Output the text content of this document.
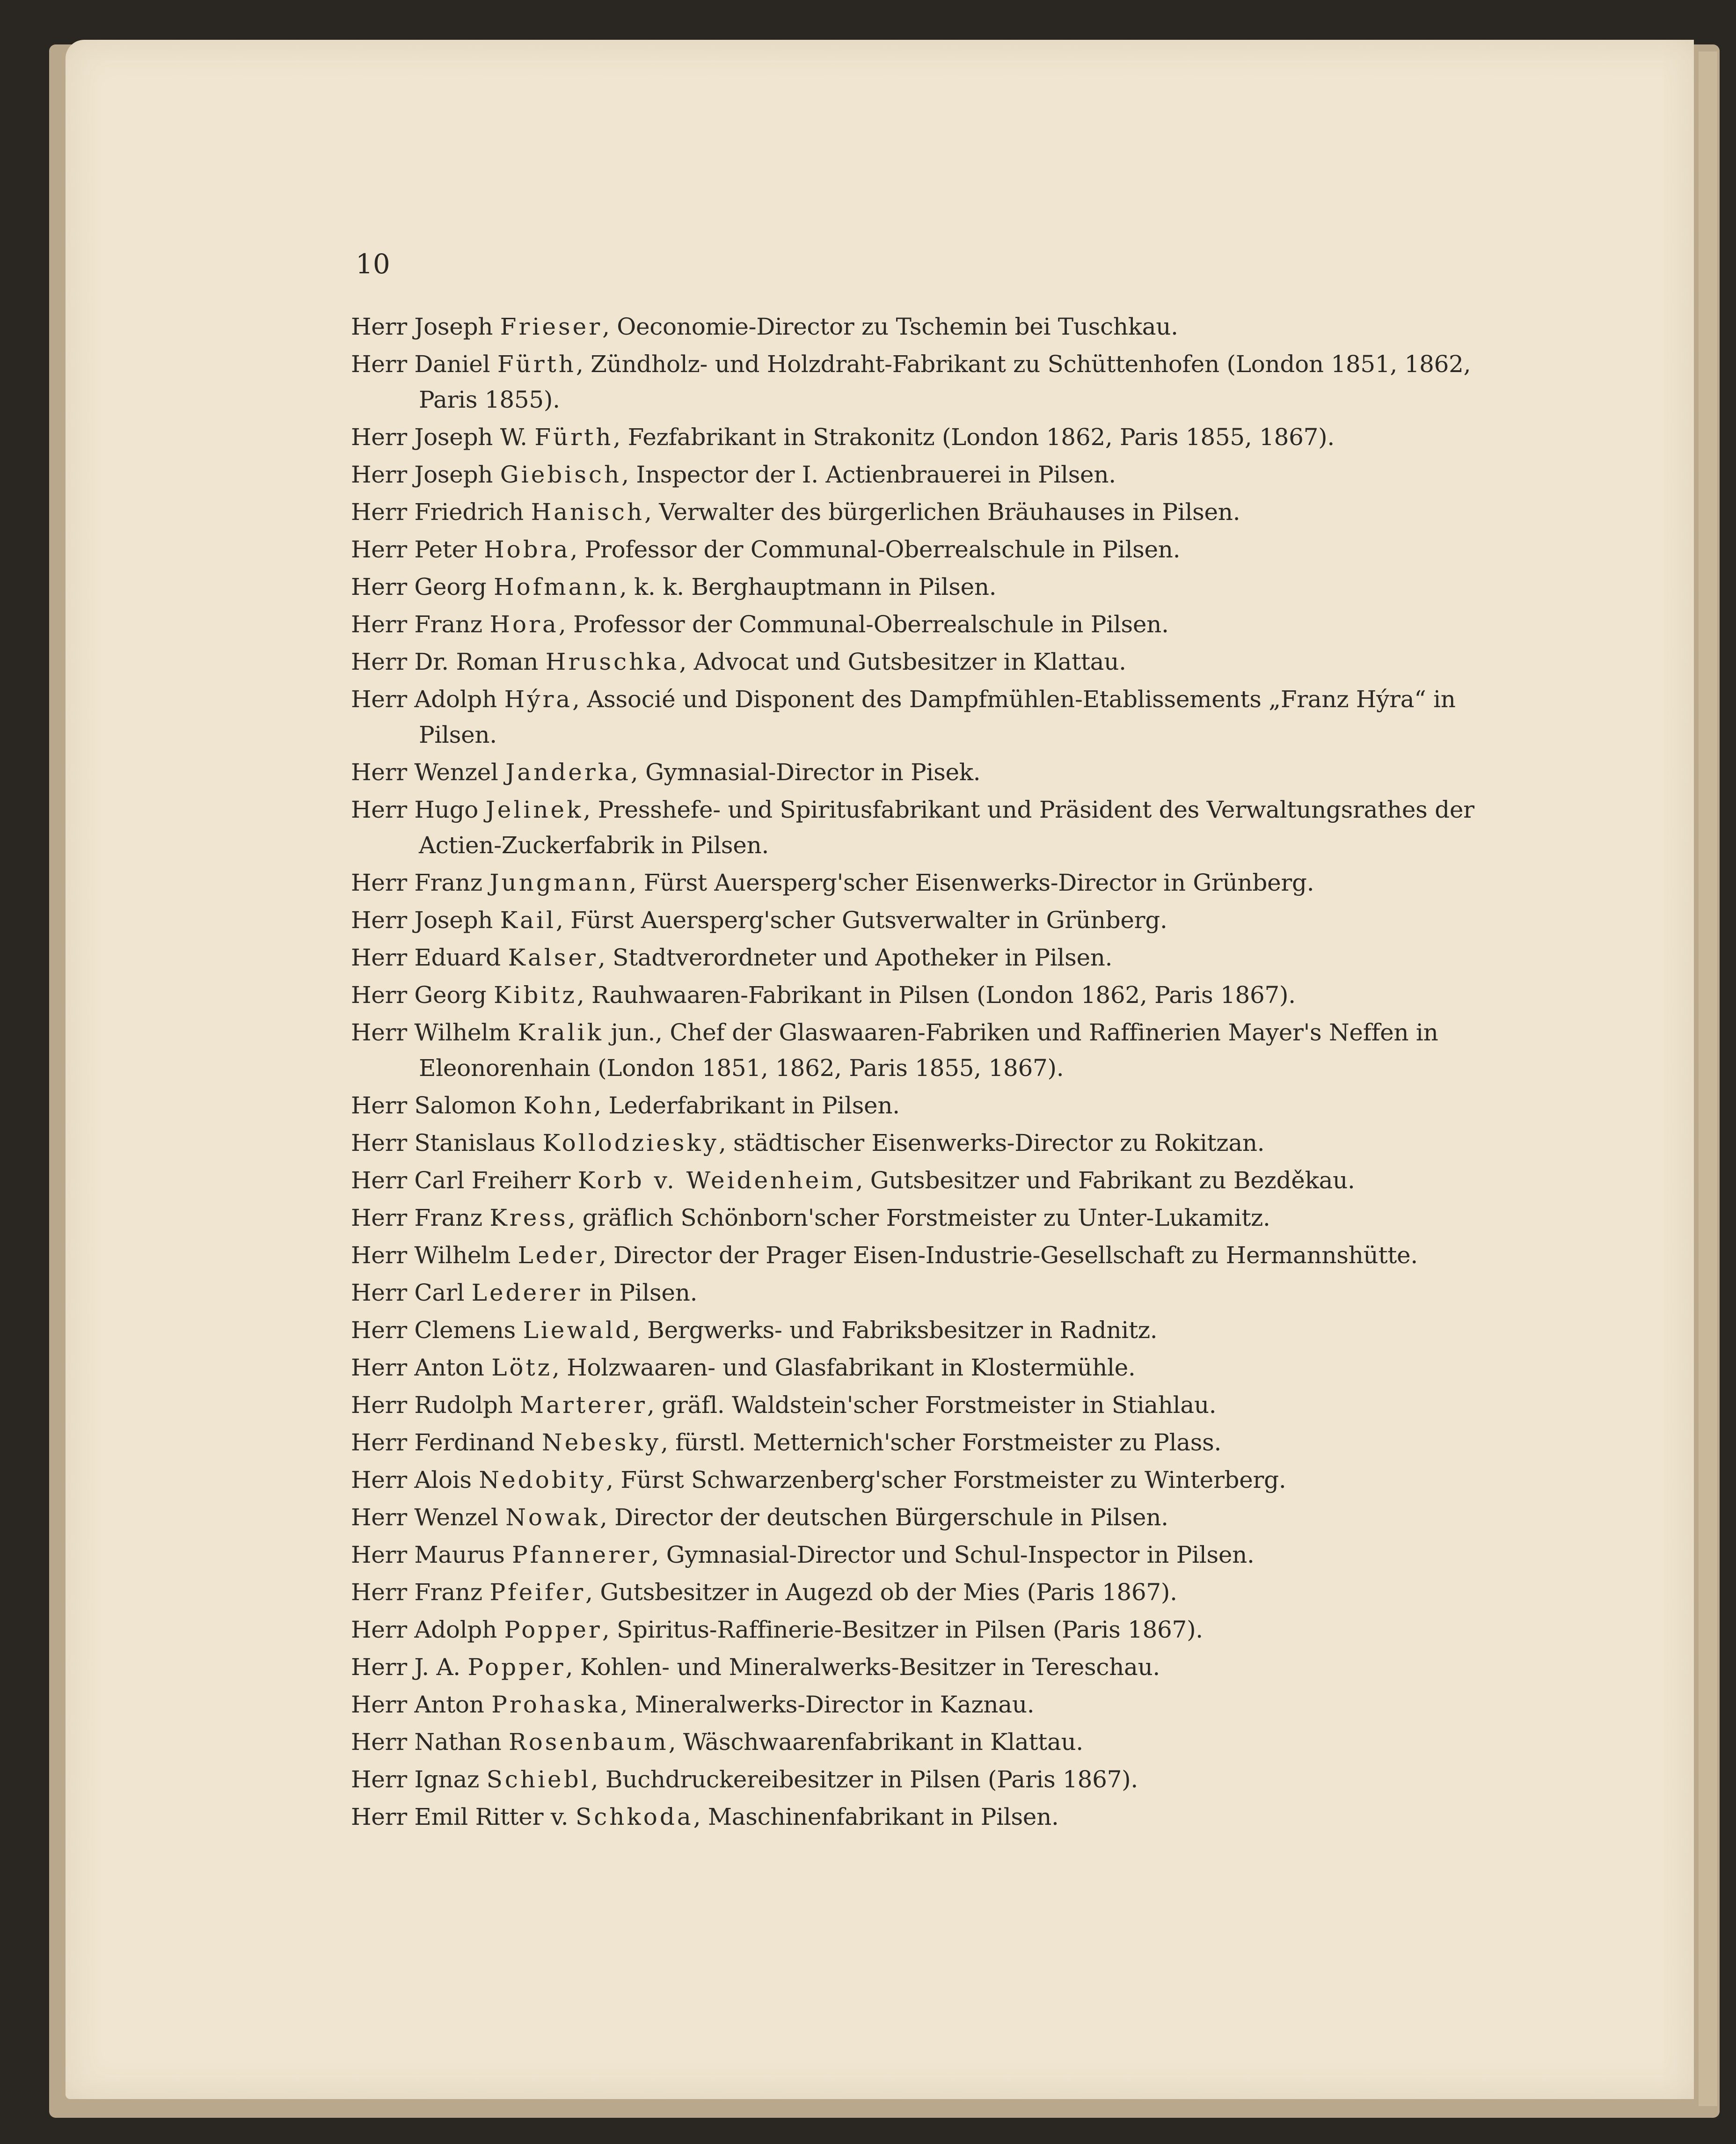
10
Herr Joseph Frieser, Oeconomie-Director zu Tschemin bei Tuschkau.
Herr Daniel Fürth, Zündholz- und Holzdraht-Fabrikant zu Schüttenhofen (London 1851, 1862, Paris 1855).
Herr Joseph W. Fürth, Fezfabrikant in Strakonitz (London 1862, Paris 1855, 1867).
Herr Joseph Giebisch, Inspector der I. Actienbrauerei in Pilsen.
Herr Friedrich Hanisch, Verwalter des bürgerlichen Bräuhauses in Pilsen.
Herr Peter Hobra, Professor der Communal-Oberrealschule in Pilsen.
Herr Georg Hofmann, k. k. Berghauptmann in Pilsen.
Herr Franz Hora, Professor der Communal-Oberrealschule in Pilsen.
Herr Dr. Roman Hruschka, Advocat und Gutsbesitzer in Klattau.
Herr Adolph Hýra, Associé und Disponent des Dampfmühlen-Etablissements „Franz Hýra“ in Pilsen.
Herr Wenzel Janderka, Gymnasial-Director in Pisek.
Herr Hugo Jelinek, Presshefe- und Spiritusfabrikant und Präsident des Verwaltungsrathes der Actien-Zuckerfabrik in Pilsen.
Herr Franz Jungmann, Fürst Auersperg'scher Eisenwerks-Director in Grünberg.
Herr Joseph Kail, Fürst Auersperg'scher Gutsverwalter in Grünberg.
Herr Eduard Kalser, Stadtverordneter und Apotheker in Pilsen.
Herr Georg Kibitz, Rauhwaaren-Fabrikant in Pilsen (London 1862, Paris 1867).
Herr Wilhelm Kralik jun., Chef der Glaswaaren-Fabriken und Raffinerien Mayer's Neffen in Eleonorenhain (London 1851, 1862, Paris 1855, 1867).
Herr Salomon Kohn, Lederfabrikant in Pilsen.
Herr Stanislaus Kollodziesky, städtischer Eisenwerks-Director zu Rokitzan.
Herr Carl Freiherr Korb v. Weidenheim, Gutsbesitzer und Fabrikant zu Bezděkau.
Herr Franz Kress, gräflich Schönborn'scher Forstmeister zu Unter-Lukamitz.
Herr Wilhelm Leder, Director der Prager Eisen-Industrie-Gesellschaft zu Hermannshütte.
Herr Carl Lederer in Pilsen.
Herr Clemens Liewald, Bergwerks- und Fabriksbesitzer in Radnitz.
Herr Anton Lötz, Holzwaaren- und Glasfabrikant in Klostermühle.
Herr Rudolph Marterer, gräfl. Waldstein'scher Forstmeister in Stiahlau.
Herr Ferdinand Nebesky, fürstl. Metternich'scher Forstmeister zu Plass.
Herr Alois Nedobity, Fürst Schwarzenberg'scher Forstmeister zu Winterberg.
Herr Wenzel Nowak, Director der deutschen Bürgerschule in Pilsen.
Herr Maurus Pfannerer, Gymnasial-Director und Schul-Inspector in Pilsen.
Herr Franz Pfeifer, Gutsbesitzer in Augezd ob der Mies (Paris 1867).
Herr Adolph Popper, Spiritus-Raffinerie-Besitzer in Pilsen (Paris 1867).
Herr J. A. Popper, Kohlen- und Mineralwerks-Besitzer in Tereschau.
Herr Anton Prohaska, Mineralwerks-Director in Kaznau.
Herr Nathan Rosenbaum, Wäschwaarenfabrikant in Klattau.
Herr Ignaz Schiebl, Buchdruckereibesitzer in Pilsen (Paris 1867).
Herr Emil Ritter v. Schkoda, Maschinenfabrikant in Pilsen.
